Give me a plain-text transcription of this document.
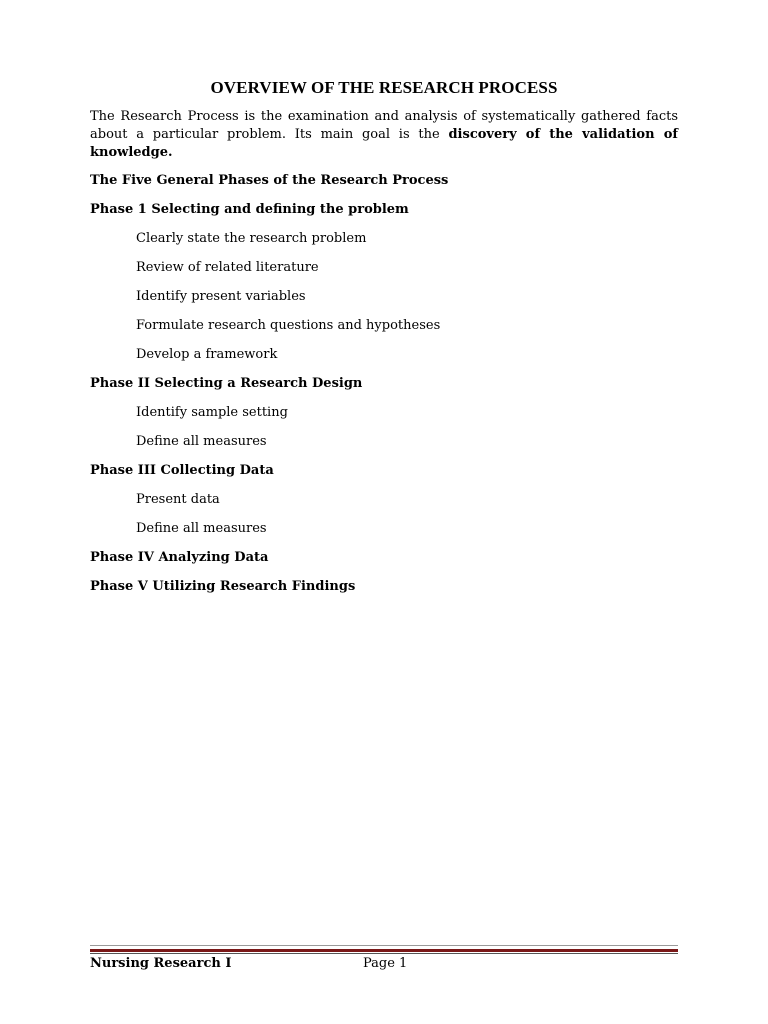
OVERVIEW OF THE RESEARCH PROCESS

The Research Process is the examination and analysis of systematically gathered facts about a particular problem. Its main goal is the discovery of the validation of knowledge.

The Five General Phases of the Research Process
Phase 1 Selecting and defining the problem
Clearly state the research problem
Review of related literature
Identify present variables
Formulate research questions and hypotheses
Develop a framework
Phase II Selecting a Research Design
Identify sample setting
Define all measures
Phase III Collecting Data
Present data
Define all measures
Phase IV Analyzing Data
Phase V Utilizing Research Findings
Nursing Research I	Page 1
